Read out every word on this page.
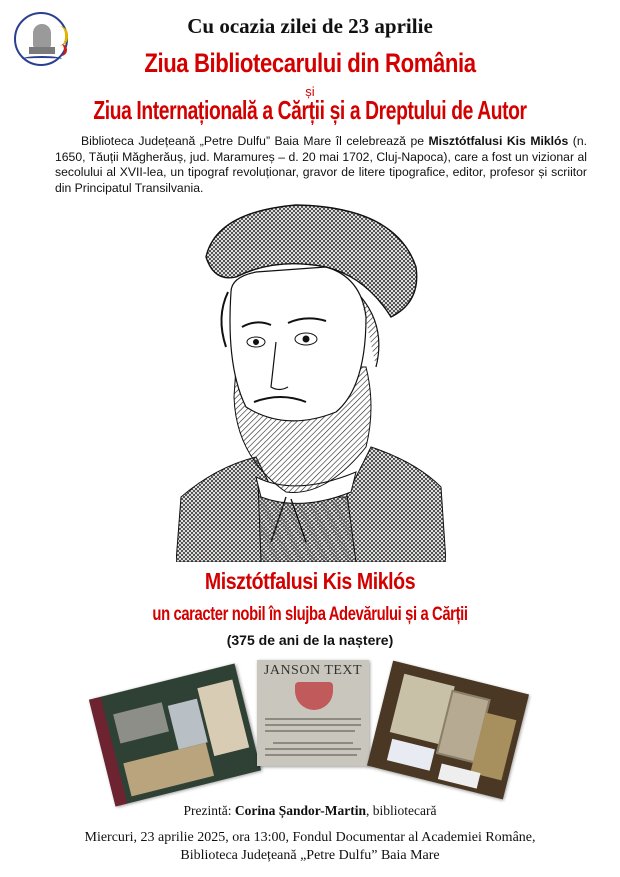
Cu ocazia zilei de 23 aprilie
Ziua Bibliotecarului din România
și
Ziua Internațională a Cărții și a Dreptului de Autor
Biblioteca Județeană „Petre Dulfu” Baia Mare îl celebrează pe Misztótfalusi Kis Miklós (n. 1650, Tăuții Măgherăuș, jud. Maramureș – d. 20 mai 1702, Cluj-Napoca), care a fost un vizionar al secolului al XVII-lea, un tipograf revoluționar, gravor de litere tipografice, editor, profesor și scriitor din Principatul Transilvania.
Misztótfalusi Kis Miklós
un caracter nobil în slujba Adevărului și a Cărții
(375 de ani de la naștere)
JANSON TEXT
Prezintă: Corina Șandor-Martin, bibliotecară
Miercuri, 23 aprilie 2025, ora 13:00, Fondul Documentar al Academiei Române,
Biblioteca Județeană „Petre Dulfu” Baia Mare
